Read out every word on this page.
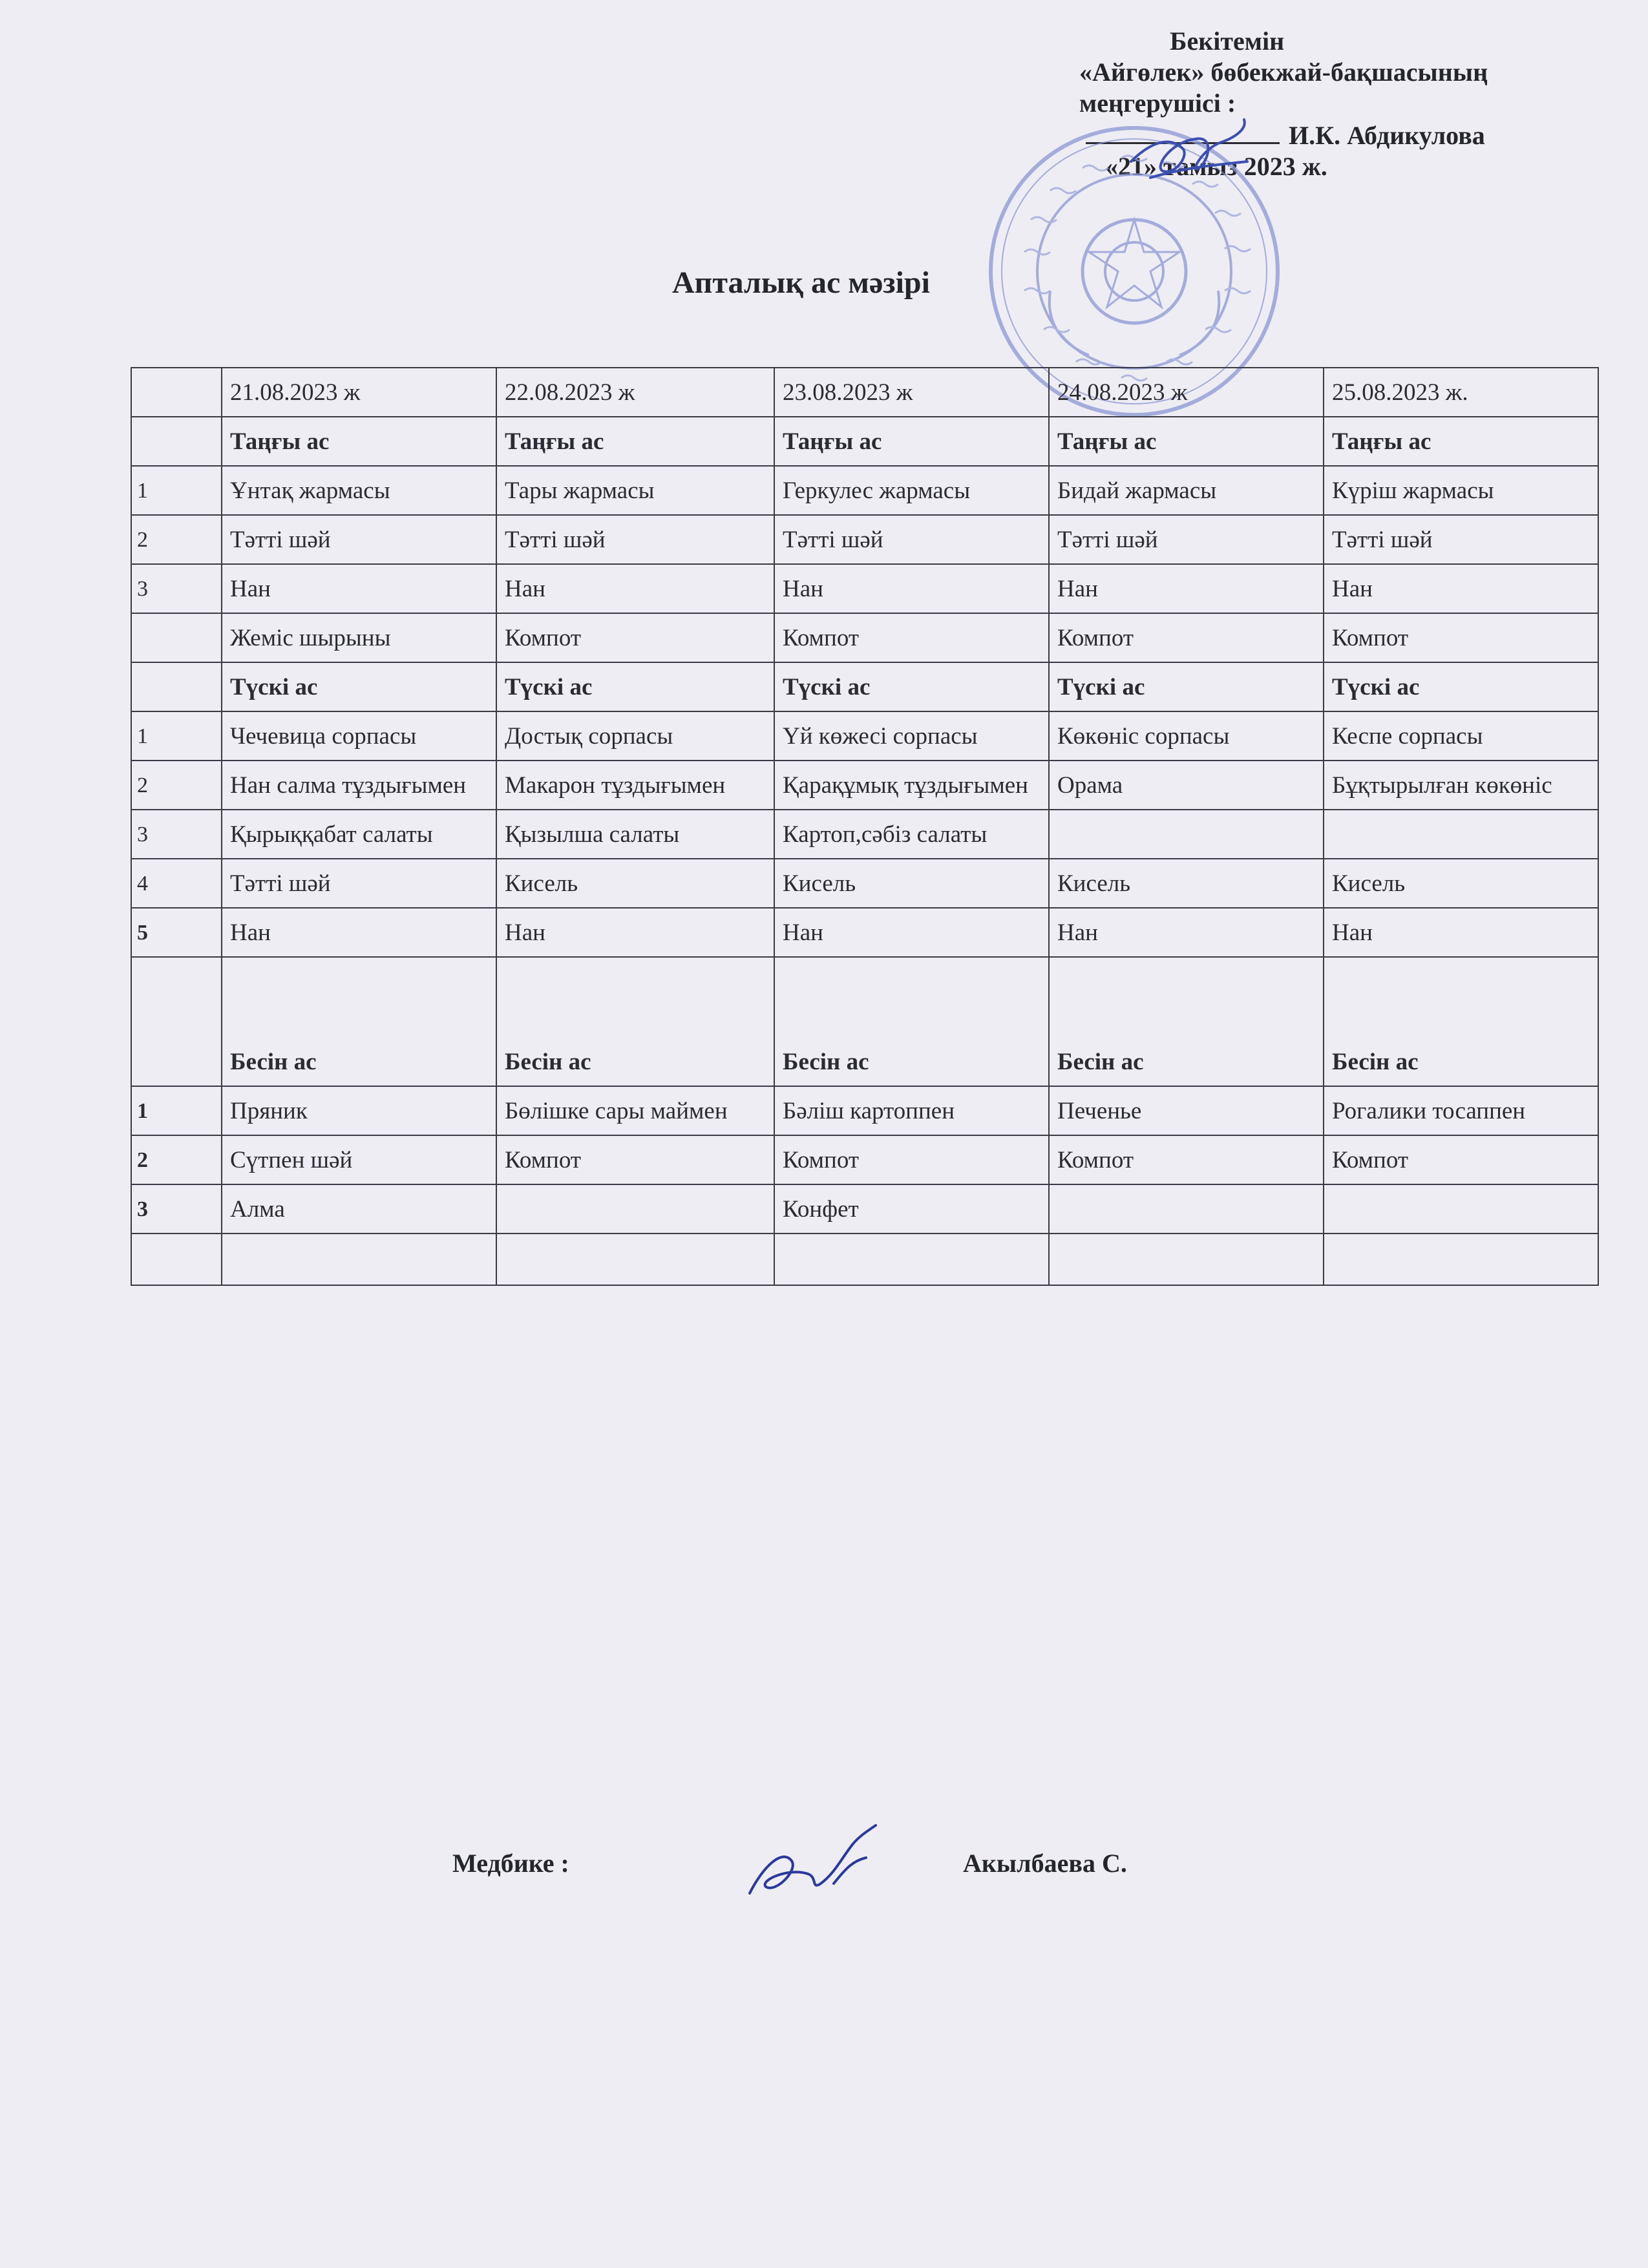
Бекітемін
«Айгөлек» бөбекжай-бақшасының
меңгерушісі :
И.К. Абдикулова
«21» тамыз 2023 ж.
Апталық ас мәзірі
	21.08.2023 ж	22.08.2023 ж	23.08.2023 ж	24.08.2023 ж	25.08.2023 ж.
	Таңғы ас	Таңғы ас	Таңғы ас	Таңғы ас	Таңғы ас
1	Ұнтақ жармасы	Тары жармасы	Геркулес жармасы	Бидай жармасы	Күріш жармасы
2	Тәтті шәй	Тәтті шәй	Тәтті шәй	Тәтті шәй	Тәтті шәй
3	Нан	Нан	Нан	Нан	Нан
	Жеміс шырыны	Компот	Компот	Компот	Компот
	Түскі ас	Түскі ас	Түскі ас	Түскі ас	Түскі ас
1	Чечевица сорпасы	Достық сорпасы	Үй көжесі сорпасы	Көкөніс сорпасы	Кеспе сорпасы
2	Нан салма тұздығымен	Макарон тұздығымен	Қарақұмық тұздығымен	Орама	Бұқтырылған көкөніс
3	Қырыққабат салаты	Қызылша салаты	Картоп,сәбіз салаты		
4	Тәтті шәй	Кисель	Кисель	Кисель	Кисель
5	Нан	Нан	Нан	Нан	Нан
	Бесін ас	Бесін ас	Бесін ас	Бесін ас	Бесін ас
1	Пряник	Бөлішке сары маймен	Бәліш картоппен	Печенье	Рогалики тосаппен
2	Сүтпен шәй	Компот	Компот	Компот	Компот
3	Алма		Конфет		

Медбике :	Акылбаева С.
